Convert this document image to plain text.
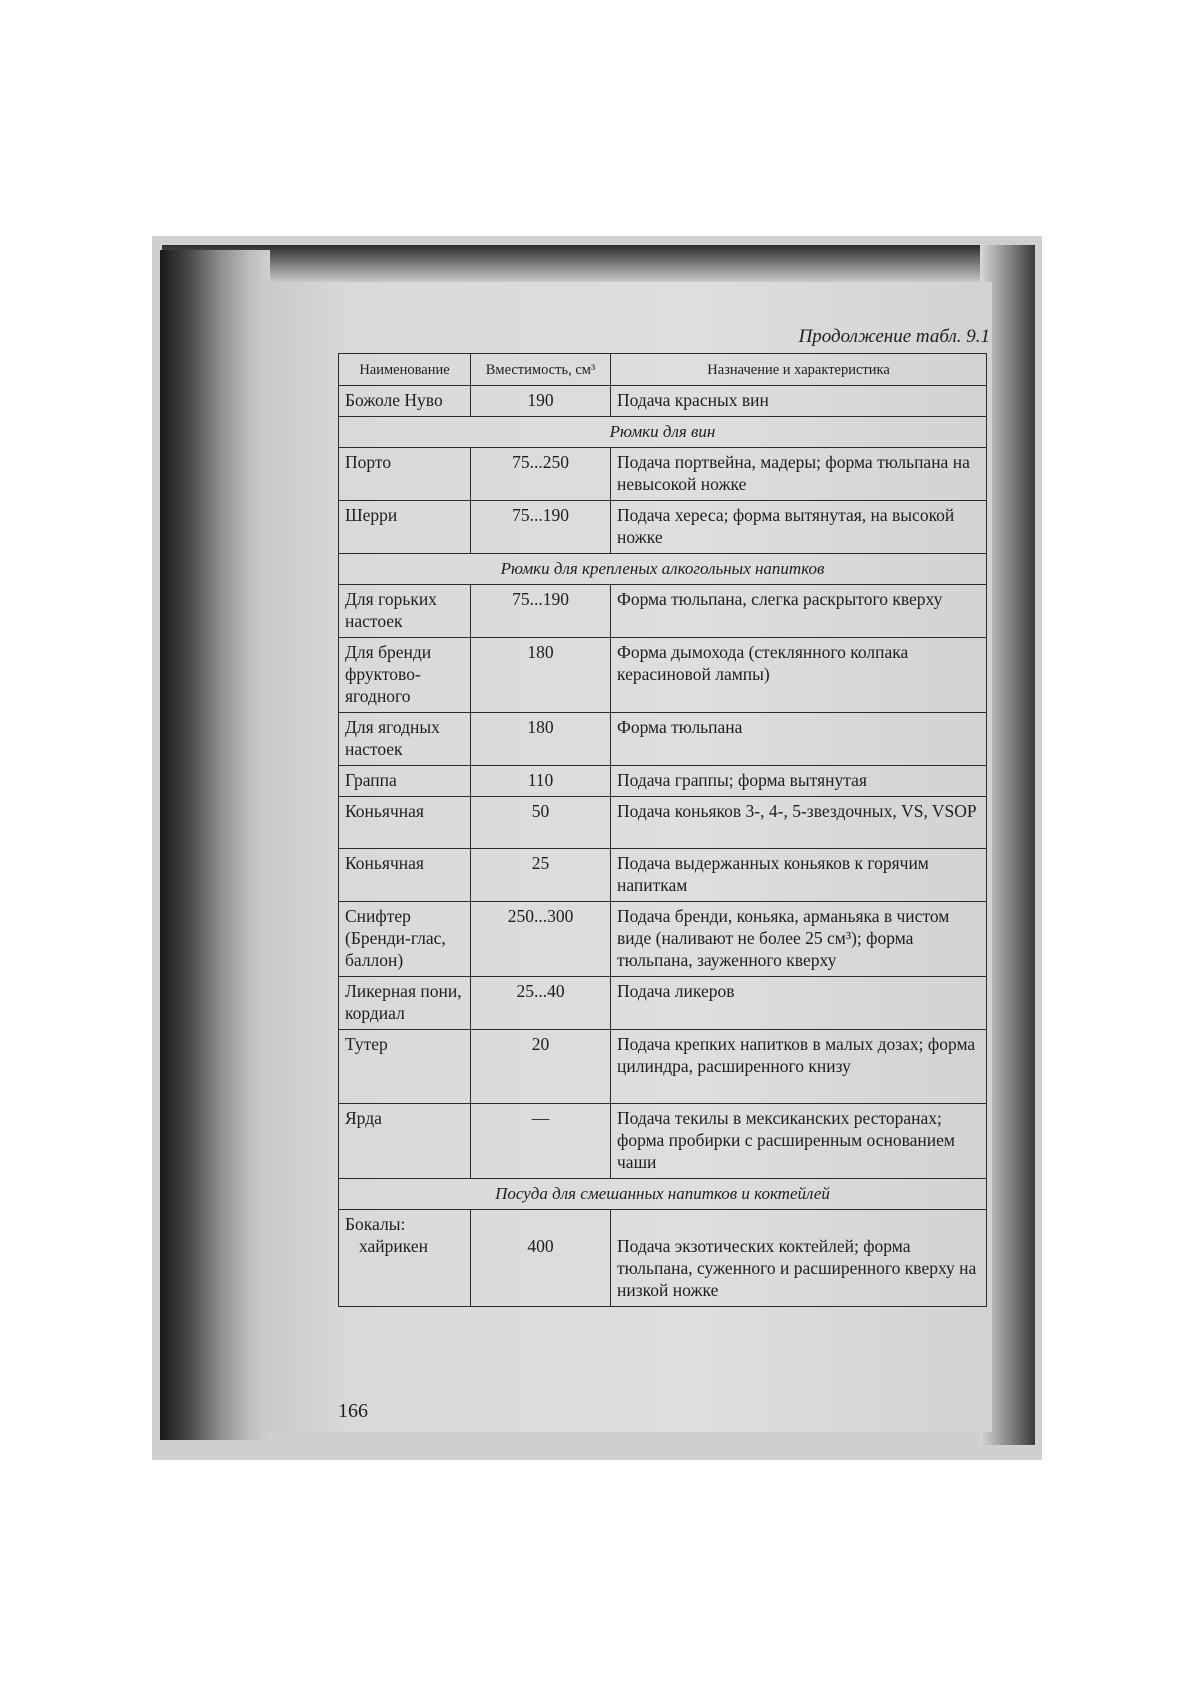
Продолжение табл. 9.1
Наименование	Вместимость, см³	Назначение и характеристика
Божоле Нуво	190	Подача красных вин
Рюмки для вин		
Порто	75...250	Подача портвейна, мадеры; форма тюльпана на невысокой ножке
Шерри	75...190	Подача хереса; форма вытянутая, на высокой ножке
Рюмки для крепленых алкогольных напитков		
Для горьких настоек	75...190	Форма тюльпана, слегка раскрытого кверху
Для бренди фруктово-ягодного	180	Форма дымохода (стеклянного колпака керасиновой лампы)
Для ягодных настоек	180	Форма тюльпана
Граппа	110	Подача граппы; форма вытянутая
Коньячная	50	Подача коньяков 3-, 4-, 5-звездочных, VS, VSOP
Коньячная	25	Подача выдержанных коньяков к горячим напиткам
Снифтер (Бренди-глас, баллон)	250...300	Подача бренди, коньяка, арманьяка в чистом виде (наливают не более 25 см³); форма тюльпана, зауженного кверху
Ликерная пони, кордиал	25...40	Подача ликеров
Тутер	20	Подача крепких напитков в малых дозах; форма цилиндра, расширенного книзу
Ярда	—	Подача текилы в мексиканских ресторанах; форма пробирки с расширенным основанием чаши
Посуда для смешанных напитков и коктейлей		
Бокалы:
хайрикен	400	Подача экзотических коктейлей; форма тюльпана, суженного и расширенного кверху на низкой ножке
166
